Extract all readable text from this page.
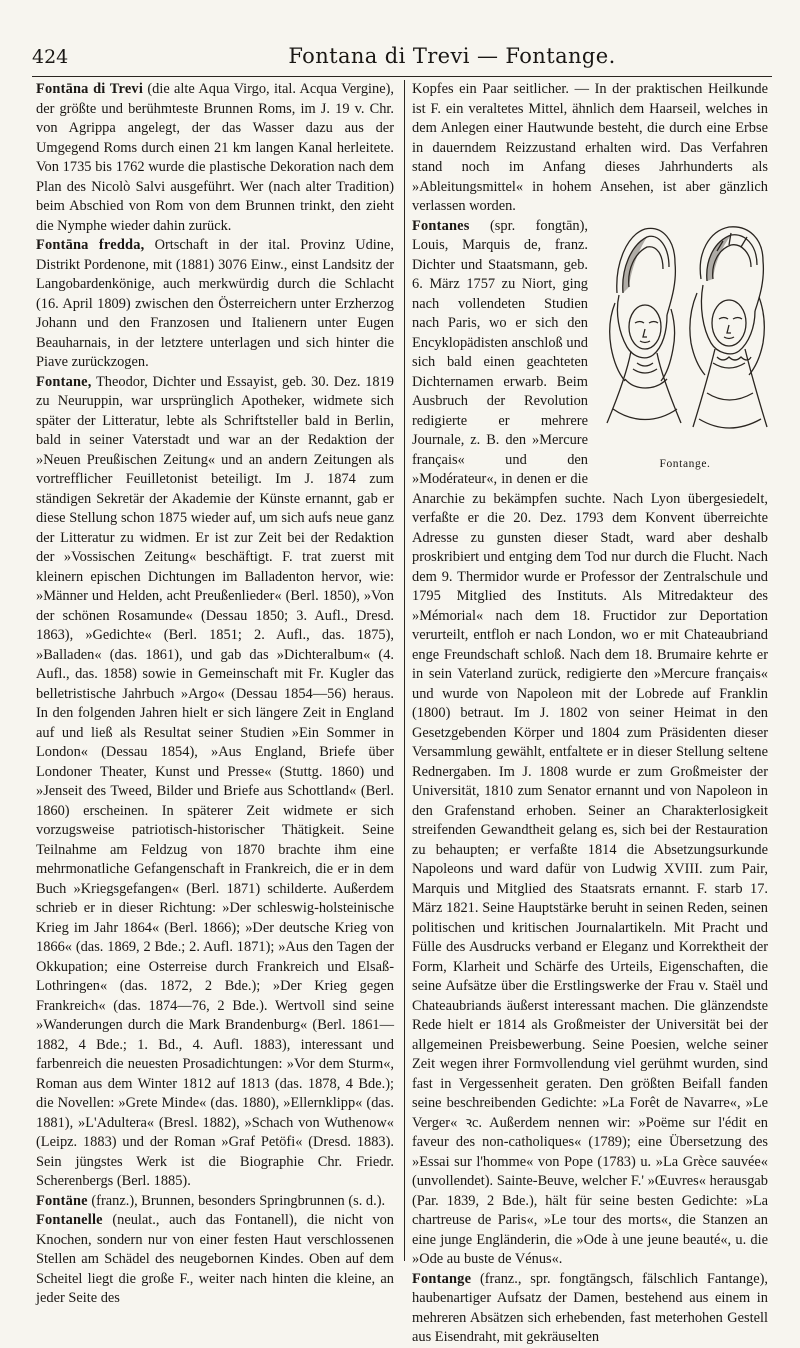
424	Fontana di Trevi — Fontange.

Fontāna di Trevi (die alte Aqua Virgo, ital. Acqua Vergine), der größte und berühmteste Brunnen Roms, im J. 19 v. Chr. von Agrippa angelegt, der das Wasser dazu aus der Umgegend Roms durch einen 21 km langen Kanal herleitete. Von 1735 bis 1762 wurde die plastische Dekoration nach dem Plan des Nicolò Salvi ausgeführt. Wer (nach alter Tradition) beim Abschied von Rom von dem Brunnen trinkt, den zieht die Nymphe wieder dahin zurück.

Fontāna fredda, Ortschaft in der ital. Provinz Udine, Distrikt Pordenone, mit (1881) 3076 Einw., einst Landsitz der Langobardenkönige, auch merkwürdig durch die Schlacht (16. April 1809) zwischen den Österreichern unter Erzherzog Johann und den Franzosen und Italienern unter Eugen Beauharnais, in der letztere unterlagen und sich hinter die Piave zurückzogen.

Fontane, Theodor, Dichter und Essayist, geb. 30. Dez. 1819 zu Neuruppin, war ursprünglich Apotheker, widmete sich später der Litteratur, lebte als Schriftsteller bald in Berlin, bald in seiner Vaterstadt und war an der Redaktion der »Neuen Preußischen Zeitung« und an andern Zeitungen als vortrefflicher Feuilletonist beteiligt. Im J. 1874 zum ständigen Sekretär der Akademie der Künste ernannt, gab er diese Stellung schon 1875 wieder auf, um sich aufs neue ganz der Litteratur zu widmen. Er ist zur Zeit bei der Redaktion der »Vossischen Zeitung« beschäftigt. F. trat zuerst mit kleinern epischen Dichtungen im Balladenton hervor, wie: »Männer und Helden, acht Preußenlieder« (Berl. 1850), »Von der schönen Rosamunde« (Dessau 1850; 3. Aufl., Dresd. 1863), »Gedichte« (Berl. 1851; 2. Aufl., das. 1875), »Balladen« (das. 1861), und gab das »Dichteralbum« (4. Aufl., das. 1858) sowie in Gemeinschaft mit Fr. Kugler das belletristische Jahrbuch »Argo« (Dessau 1854—56) heraus. In den folgenden Jahren hielt er sich längere Zeit in England auf und ließ als Resultat seiner Studien »Ein Sommer in London« (Dessau 1854), »Aus England, Briefe über Londoner Theater, Kunst und Presse« (Stuttg. 1860) und »Jenseit des Tweed, Bilder und Briefe aus Schottland« (Berl. 1860) erscheinen. In späterer Zeit widmete er sich vorzugsweise patriotisch-historischer Thätigkeit. Seine Teilnahme am Feldzug von 1870 brachte ihm eine mehrmonatliche Gefangenschaft in Frankreich, die er in dem Buch »Kriegsgefangen« (Berl. 1871) schilderte. Außerdem schrieb er in dieser Richtung: »Der schleswig-holsteinische Krieg im Jahr 1864« (Berl. 1866); »Der deutsche Krieg von 1866« (das. 1869, 2 Bde.; 2. Aufl. 1871); »Aus den Tagen der Okkupation; eine Osterreise durch Frankreich und Elsaß-Lothringen« (das. 1872, 2 Bde.); »Der Krieg gegen Frankreich« (das. 1874—76, 2 Bde.). Wertvoll sind seine »Wanderungen durch die Mark Brandenburg« (Berl. 1861—1882, 4 Bde.; 1. Bd., 4. Aufl. 1883), interessant und farbenreich die neuesten Prosadichtungen: »Vor dem Sturm«, Roman aus dem Winter 1812 auf 1813 (das. 1878, 4 Bde.); die Novellen: »Grete Minde« (das. 1880), »Ellernklipp« (das. 1881), »L'Adultera« (Bresl. 1882), »Schach von Wuthenow« (Leipz. 1883) und der Roman »Graf Petöfi« (Dresd. 1883). Sein jüngstes Werk ist die Biographie Chr. Friedr. Scherenbergs (Berl. 1885).

Fontäne (franz.), Brunnen, besonders Springbrunnen (s. d.).

Fontanelle (neulat., auch das Fontanell), die nicht von Knochen, sondern nur von einer festen Haut verschlossenen Stellen am Schädel des neugebornen Kindes. Oben auf dem Scheitel liegt die große F., weiter nach hinten die kleine, an jeder Seite des

Kopfes ein Paar seitlicher. — In der praktischen Heilkunde ist F. ein veraltetes Mittel, ähnlich dem Haarseil, welches in dem Anlegen einer Hautwunde besteht, die durch eine Erbse in dauerndem Reizzustand erhalten wird. Das Verfahren stand noch im Anfang dieses Jahrhunderts als »Ableitungsmittel« in hohem Ansehen, ist aber gänzlich verlassen worden.

Fontange.
Fontanes (spr. fongtān), Louis, Marquis de, franz. Dichter und Staatsmann, geb. 6. März 1757 zu Niort, ging nach vollendeten Studien nach Paris, wo er sich den Encyklopädisten anschloß und sich bald einen geachteten Dichternamen erwarb. Beim Ausbruch der Revolution redigierte er mehrere Journale, z. B. den »Mercure français« und den »Modérateur«, in denen er die Anarchie zu bekämpfen suchte. Nach Lyon übergesiedelt, verfaßte er die 20. Dez. 1793 dem Konvent überreichte Adresse zu gunsten dieser Stadt, ward aber deshalb proskribiert und entging dem Tod nur durch die Flucht. Nach dem 9. Thermidor wurde er Professor der Zentralschule und 1795 Mitglied des Instituts. Als Mitredakteur des »Mémorial« nach dem 18. Fructidor zur Deportation verurteilt, entfloh er nach London, wo er mit Chateaubriand enge Freundschaft schloß. Nach dem 18. Brumaire kehrte er in sein Vaterland zurück, redigierte den »Mercure français« und wurde von Napoleon mit der Lobrede auf Franklin (1800) betraut. Im J. 1802 von seiner Heimat in den Gesetzgebenden Körper und 1804 zum Präsidenten dieser Versammlung gewählt, entfaltete er in dieser Stellung seltene Rednergaben. Im J. 1808 wurde er zum Großmeister der Universität, 1810 zum Senator ernannt und von Napoleon in den Grafenstand erhoben. Seiner an Charakterlosigkeit streifenden Gewandtheit gelang es, sich bei der Restauration zu behaupten; er verfaßte 1814 die Absetzungsurkunde Napoleons und ward dafür von Ludwig XVIII. zum Pair, Marquis und Mitglied des Staatsrats ernannt. F. starb 17. März 1821. Seine Hauptstärke beruht in seinen Reden, seinen politischen und kritischen Journalartikeln. Mit Pracht und Fülle des Ausdrucks verband er Eleganz und Korrektheit der Form, Klarheit und Schärfe des Urteils, Eigenschaften, die seine Aufsätze über die Erstlingswerke der Frau v. Staël und Chateaubriands äußerst interessant machen. Die glänzendste Rede hielt er 1814 als Großmeister der Universität bei der allgemeinen Preisbewerbung. Seine Poesien, welche seiner Zeit wegen ihrer Formvollendung viel gerühmt wurden, sind fast in Vergessenheit geraten. Den größten Beifall fanden seine beschreibenden Gedichte: »La Forêt de Navarre«, »Le Verger« ꝛc. Außerdem nennen wir: »Poëme sur l'édit en faveur des non-catholiques« (1789); eine Übersetzung des »Essai sur l'homme« von Pope (1783) u. »La Grèce sauvée« (unvollendet). Sainte-Beuve, welcher F.' »Œuvres« herausgab (Par. 1839, 2 Bde.), hält für seine besten Gedichte: »La chartreuse de Paris«, »Le tour des morts«, die Stanzen an eine junge Engländerin, die »Ode à une jeune beauté«, u. die »Ode au buste de Vénus«.

Fontange (franz., spr. fongtāngsch, fälschlich Fantange), haubenartiger Aufsatz der Damen, bestehend aus einem in mehreren Absätzen sich erhebenden, fast meterhohen Gestell aus Eisendraht, mit gekräuselten
